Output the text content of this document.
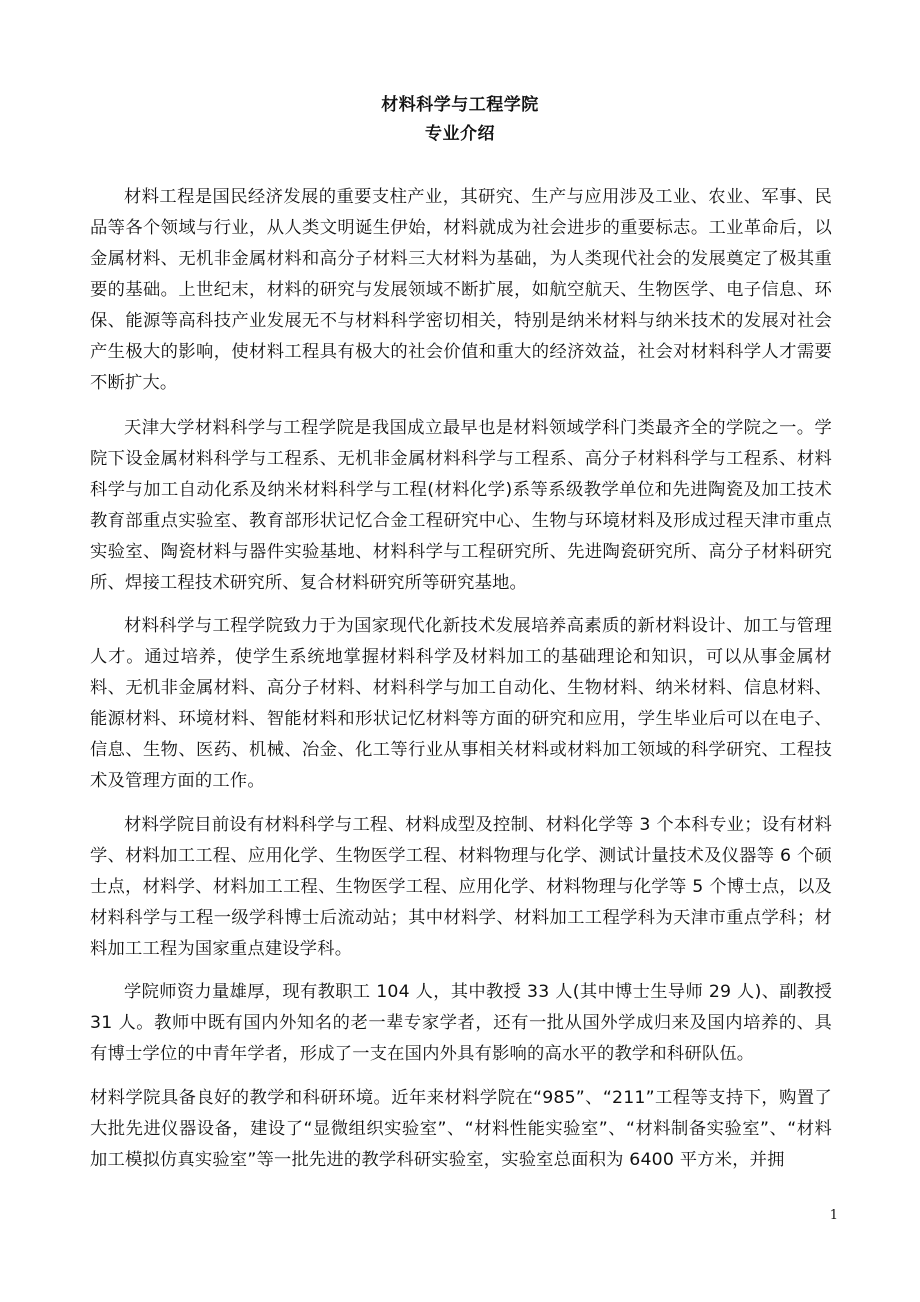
材料科学与工程学院
专业介绍

材料工程是国民经济发展的重要支柱产业，其研究、生产与应用涉及工业、农业、军事、民品等各个领域与行业，从人类文明诞生伊始，材料就成为社会进步的重要标志。工业革命后，以金属材料、无机非金属材料和高分子材料三大材料为基础，为人类现代社会的发展奠定了极其重要的基础。上世纪末，材料的研究与发展领域不断扩展，如航空航天、生物医学、电子信息、环保、能源等高科技产业发展无不与材料科学密切相关，特别是纳米材料与纳米技术的发展对社会产生极大的影响，使材料工程具有极大的社会价值和重大的经济效益，社会对材料科学人才需要不断扩大。

天津大学材料科学与工程学院是我国成立最早也是材料领域学科门类最齐全的学院之一。学院下设金属材料科学与工程系、无机非金属材料科学与工程系、高分子材料科学与工程系、材料科学与加工自动化系及纳米材料科学与工程(材料化学)系等系级教学单位和先进陶瓷及加工技术教育部重点实验室、教育部形状记忆合金工程研究中心、生物与环境材料及形成过程天津市重点实验室、陶瓷材料与器件实验基地、材料科学与工程研究所、先进陶瓷研究所、高分子材料研究所、焊接工程技术研究所、复合材料研究所等研究基地。

材料科学与工程学院致力于为国家现代化新技术发展培养高素质的新材料设计、加工与管理人才。通过培养，使学生系统地掌握材料科学及材料加工的基础理论和知识，可以从事金属材料、无机非金属材料、高分子材料、材料科学与加工自动化、生物材料、纳米材料、信息材料、能源材料、环境材料、智能材料和形状记忆材料等方面的研究和应用，学生毕业后可以在电子、信息、生物、医药、机械、冶金、化工等行业从事相关材料或材料加工领域的科学研究、工程技术及管理方面的工作。

材料学院目前设有材料科学与工程、材料成型及控制、材料化学等 3 个本科专业；设有材料学、材料加工工程、应用化学、生物医学工程、材料物理与化学、测试计量技术及仪器等 6 个硕士点，材料学、材料加工工程、生物医学工程、应用化学、材料物理与化学等 5 个博士点，以及材料科学与工程一级学科博士后流动站；其中材料学、材料加工工程学科为天津市重点学科；材料加工工程为国家重点建设学科。

学院师资力量雄厚，现有教职工 104 人，其中教授 33 人(其中博士生导师 29 人)、副教授 31 人。教师中既有国内外知名的老一辈专家学者，还有一批从国外学成归来及国内培养的、具有博士学位的中青年学者，形成了一支在国内外具有影响的高水平的教学和科研队伍。

材料学院具备良好的教学和科研环境。近年来材料学院在“985”、“211”工程等支持下，购置了大批先进仪器设备，建设了“显微组织实验室”、“材料性能实验室”、“材料制备实验室”、“材料加工模拟仿真实验室”等一批先进的教学科研实验室，实验室总面积为 6400 平方米，并拥

1
